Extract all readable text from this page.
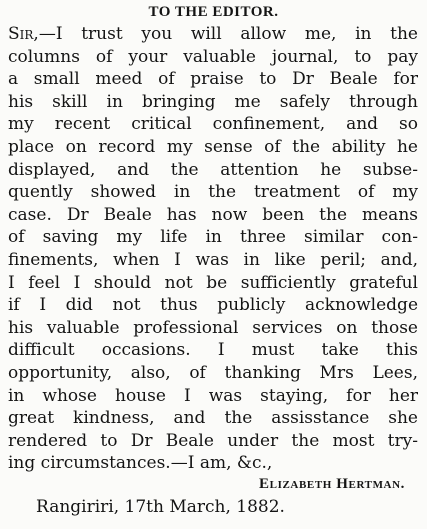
TO THE EDITOR.
Sir,—I trust you will allow me, in the
columns of your valuable journal, to pay
a small meed of praise to Dr Beale for
his skill in bringing me safely through
my recent critical confinement, and so
place on record my sense of the ability he
displayed, and the attention he subse-
quently showed in the treatment of my
case. Dr Beale has now been the means
of saving my life in three similar con-
finements, when I was in like peril; and,
I feel I should not be sufficiently grateful
if I did not thus publicly acknowledge
his valuable professional services on those
difficult occasions. I must take this
opportunity, also, of thanking Mrs Lees,
in whose house I was staying, for her
great kindness, and the assisstance she
rendered to Dr Beale under the most try-
ing circumstances.—I am, &c.,
Elizabeth Hertman.
Rangiriri, 17th March, 1882.
